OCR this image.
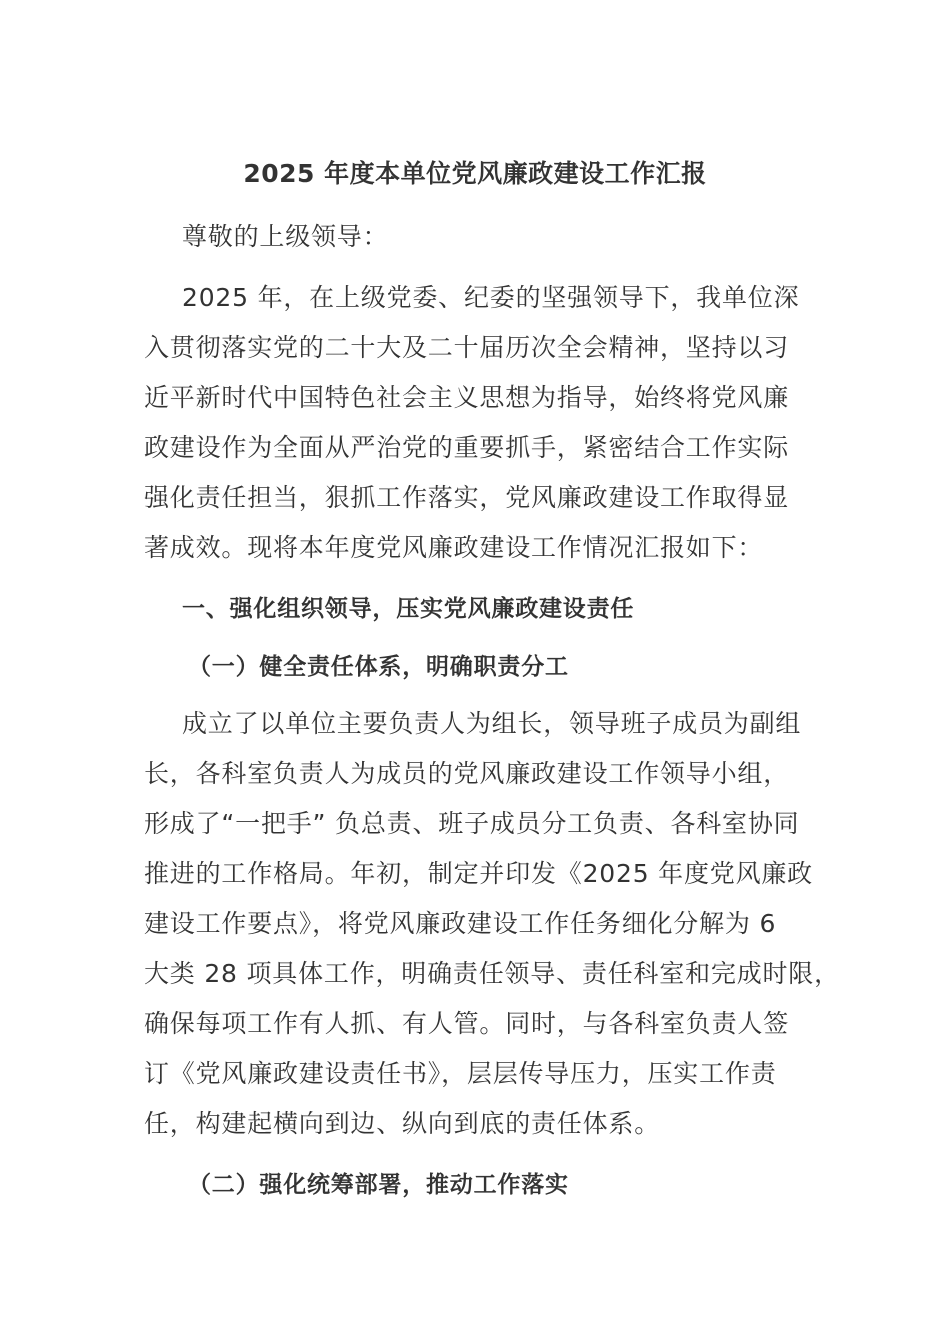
2025 年度本单位党风廉政建设工作汇报
尊敬的上级领导：
2025 年，在上级党委、纪委的坚强领导下，我单位深
入贯彻落实党的二十大及二十届历次全会精神，坚持以习
近平新时代中国特色社会主义思想为指导，始终将党风廉
政建设作为全面从严治党的重要抓手，紧密结合工作实际
强化责任担当，狠抓工作落实，党风廉政建设工作取得显
著成效。现将本年度党风廉政建设工作情况汇报如下：
一、强化组织领导，压实党风廉政建设责任
（一）健全责任体系，明确职责分工
成立了以单位主要负责人为组长，领导班子成员为副组
长，各科室负责人为成员的党风廉政建设工作领导小组，
形成了“一把手” 负总责、班子成员分工负责、各科室协同
推进的工作格局。年初，制定并印发《2025 年度党风廉政
建设工作要点》，将党风廉政建设工作任务细化分解为 6
大类 28 项具体工作，明确责任领导、责任科室和完成时限，
确保每项工作有人抓、有人管。同时，与各科室负责人签
订《党风廉政建设责任书》，层层传导压力，压实工作责
任，构建起横向到边、纵向到底的责任体系。
（二）强化统筹部署，推动工作落实
